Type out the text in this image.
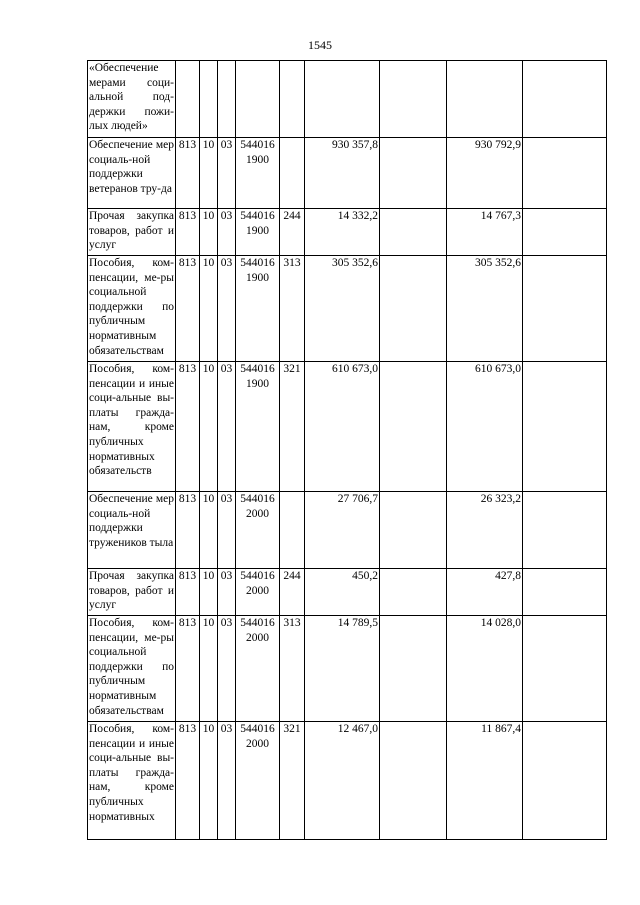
1545
«Обеспечение мерами соци-альной под-держки пожи-лых людей»									
Обеспечение мер социаль-ной поддержки ветеранов тру-да	813	10	03	544016 1900		930 357,8		930 792,9	
Прочая закупка товаров, работ и услуг	813	10	03	544016 1900	244	14 332,2		14 767,3	
Пособия, ком-пенсации, ме-ры социальной поддержки по публичным нормативным обязательствам	813	10	03	544016 1900	313	305 352,6		305 352,6	
Пособия, ком-пенсации и иные соци-альные вы-платы гражда-нам, кроме публичных нормативных обязательств	813	10	03	544016 1900	321	610 673,0		610 673,0	
Обеспечение мер социаль-ной поддержки тружеников тыла	813	10	03	544016 2000		27 706,7		26 323,2	
Прочая закупка товаров, работ и услуг	813	10	03	544016 2000	244	450,2		427,8	
Пособия, ком-пенсации, ме-ры социальной поддержки по публичным нормативным обязательствам	813	10	03	544016 2000	313	14 789,5		14 028,0	
Пособия, ком-пенсации и иные соци-альные вы-платы гражда-нам, кроме публичных нормативных	813	10	03	544016 2000	321	12 467,0		11 867,4	
